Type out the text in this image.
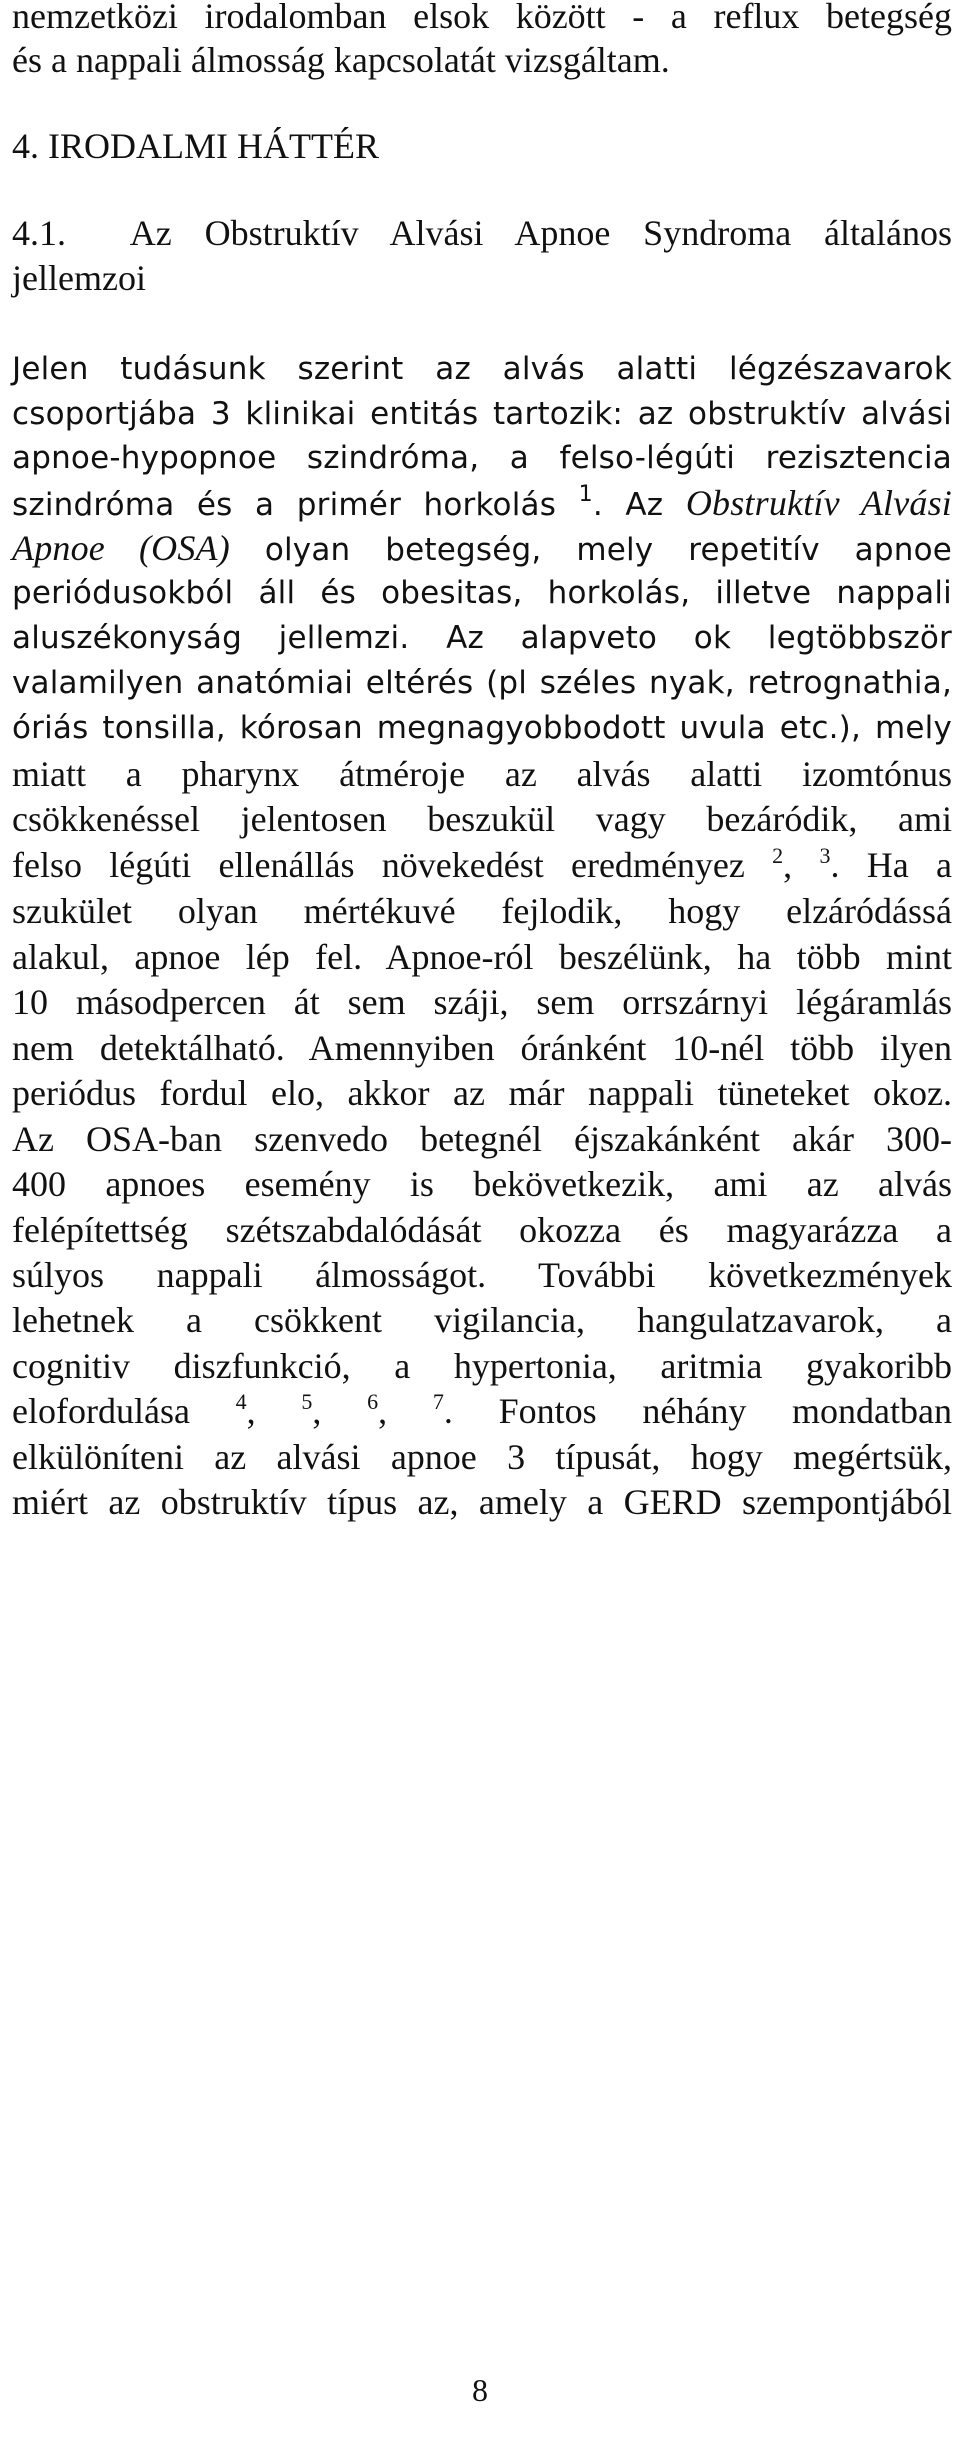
nemzetközi irodalomban elsok között - a reflux betegség
és a nappali álmosság kapcsolatát vizsgáltam.
4. IRODALMI HÁTTÉR
4.1.  Az Obstruktív Alvási Apnoe Syndroma általános
jellemzoi
Jelen tudásunk szerint az alvás alatti légzészavarok
csoportjába 3 klinikai entitás tartozik: az obstruktív alvási
apnoe-hypopnoe szindróma, a felso-légúti rezisztencia
szindróma és a primér horkolás $^1$. Az Obstruktív Alvási
Apnoe (OSA) olyan betegség, mely repetitív apnoe
periódusokból áll és obesitas, horkolás, illetve nappali
aluszékonyság jellemzi. Az alapveto ok legtöbbször
valamilyen anatómiai eltérés (pl széles nyak, retrognathia,
óriás tonsilla, kórosan megnagyobbodott uvula etc.), mely
miatt a pharynx átméroje az alvás alatti izomtónus
csökkenéssel jelentosen beszukül vagy bezáródik, ami
felso légúti ellenállás növekedést eredményez $^2$, $^3$. Ha a
szukület olyan mértékuvé fejlodik, hogy elzáródássá
alakul, apnoe lép fel. Apnoe-ról beszélünk, ha több mint
10 másodpercen át sem száji, sem orrszárnyi légáramlás
nem detektálható. Amennyiben óránként 10-nél több ilyen
periódus fordul elo, akkor az már nappali tüneteket okoz.
Az OSA-ban szenvedo betegnél éjszakánként akár 300-
400 apnoes esemény is bekövetkezik, ami az alvás
felépítettség szétszabdalódását okozza és magyarázza a
súlyos nappali álmosságot. További következmények
lehetnek a csökkent vigilancia, hangulatzavarok, a
cognitiv diszfunkció, a hypertonia, aritmia gyakoribb
elofordulása $^4$, $^5$, $^6$, $^7$. Fontos néhány mondatban
elkülöníteni az alvási apnoe 3 típusát, hogy megértsük,
miért az obstruktív típus az, amely a GERD szempontjából
8
